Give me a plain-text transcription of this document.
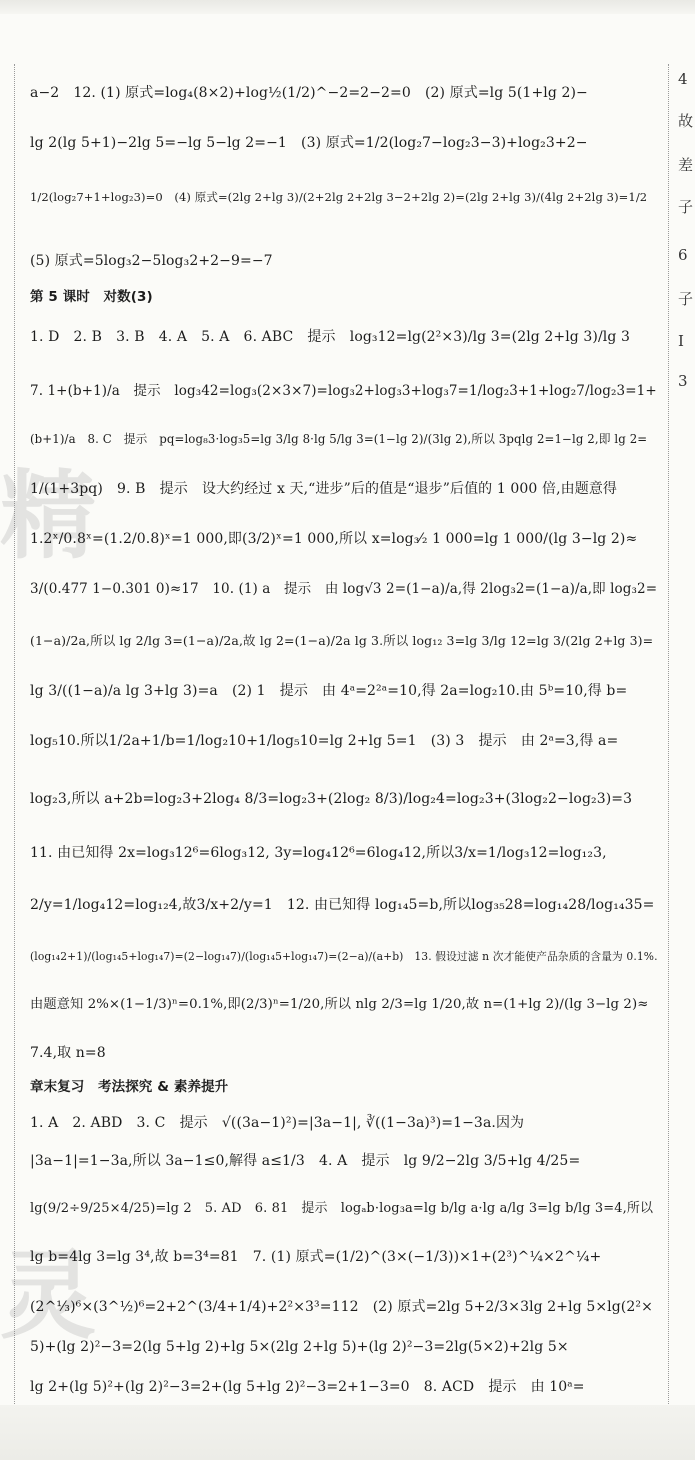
精
灵
a−2　12. (1) 原式=log₄(8×2)+log½(1/2)^−2=2−2=0　(2) 原式=lg 5(1+lg 2)−
lg 2(lg 5+1)−2lg 5=−lg 5−lg 2=−1　(3) 原式=1/2(log₂7−log₂3−3)+log₂3+2−
1/2(log₂7+1+log₂3)=0　(4) 原式=(2lg 2+lg 3)/(2+2lg 2+2lg 3−2+2lg 2)=(2lg 2+lg 3)/(4lg 2+2lg 3)=1/2
(5) 原式=5log₃2−5log₃2+2−9=−7
第 5 课时　对数(3)
1. D　2. B　3. B　4. A　5. A　6. ABC　提示　log₃12=lg(2²×3)/lg 3=(2lg 2+lg 3)/lg 3
7. 1+(b+1)/a　提示　log₃42=log₃(2×3×7)=log₃2+log₃3+log₃7=1/log₂3+1+log₂7/log₂3=1+
(b+1)/a　8. C　提示　pq=log₈3·log₃5=lg 3/lg 8·lg 5/lg 3=(1−lg 2)/(3lg 2),所以 3pqlg 2=1−lg 2,即 lg 2=
1/(1+3pq)　9. B　提示　设大约经过 x 天,“进步”后的值是“退步”后值的 1 000 倍,由题意得
1.2ˣ/0.8ˣ=(1.2/0.8)ˣ=1 000,即(3/2)ˣ=1 000,所以 x=log₃⁄₂ 1 000=lg 1 000/(lg 3−lg 2)≈
3/(0.477 1−0.301 0)≈17　10. (1) a　提示　由 log√3 2=(1−a)/a,得 2log₃2=(1−a)/a,即 log₃2=
(1−a)/2a,所以 lg 2/lg 3=(1−a)/2a,故 lg 2=(1−a)/2a lg 3.所以 log₁₂ 3=lg 3/lg 12=lg 3/(2lg 2+lg 3)=
lg 3/((1−a)/a lg 3+lg 3)=a　(2) 1　提示　由 4ᵃ=2²ᵃ=10,得 2a=log₂10.由 5ᵇ=10,得 b=
log₅10.所以1/2a+1/b=1/log₂10+1/log₅10=lg 2+lg 5=1　(3) 3　提示　由 2ᵃ=3,得 a=
log₂3,所以 a+2b=log₂3+2log₄ 8/3=log₂3+(2log₂ 8/3)/log₂4=log₂3+(3log₂2−log₂3)=3
11. 由已知得 2x=log₃12⁶=6log₃12, 3y=log₄12⁶=6log₄12,所以3/x=1/log₃12=log₁₂3,
2/y=1/log₄12=log₁₂4,故3/x+2/y=1　12. 由已知得 log₁₄5=b,所以log₃₅28=log₁₄28/log₁₄35=
(log₁₄2+1)/(log₁₄5+log₁₄7)=(2−log₁₄7)/(log₁₄5+log₁₄7)=(2−a)/(a+b)　13. 假设过滤 n 次才能使产品杂质的含量为 0.1%.
由题意知 2%×(1−1/3)ⁿ=0.1%,即(2/3)ⁿ=1/20,所以 nlg 2/3=lg 1/20,故 n=(1+lg 2)/(lg 3−lg 2)≈
7.4,取 n=8
章末复习　考法探究 & 素养提升
1. A　2. ABD　3. C　提示　√((3a−1)²)=|3a−1|, ∛((1−3a)³)=1−3a.因为
|3a−1|=1−3a,所以 3a−1≤0,解得 a≤1/3　4. A　提示　lg 9/2−2lg 3/5+lg 4/25=
lg(9/2÷9/25×4/25)=lg 2　5. AD　6. 81　提示　logₐb·log₃a=lg b/lg a·lg a/lg 3=lg b/lg 3=4,所以
lg b=4lg 3=lg 3⁴,故 b=3⁴=81　7. (1) 原式=(1/2)^(3×(−1/3))×1+(2³)^¼×2^¼+
(2^⅓)⁶×(3^½)⁶=2+2^(3/4+1/4)+2²×3³=112　(2) 原式=2lg 5+2/3×3lg 2+lg 5×lg(2²×
5)+(lg 2)²−3=2(lg 5+lg 2)+lg 5×(2lg 2+lg 5)+(lg 2)²−3=2lg(5×2)+2lg 5×
lg 2+(lg 5)²+(lg 2)²−3=2+(lg 5+lg 2)²−3=2+1−3=0　8. ACD　提示　由 10ᵃ=
4
故
差
子
6
子
I
3
